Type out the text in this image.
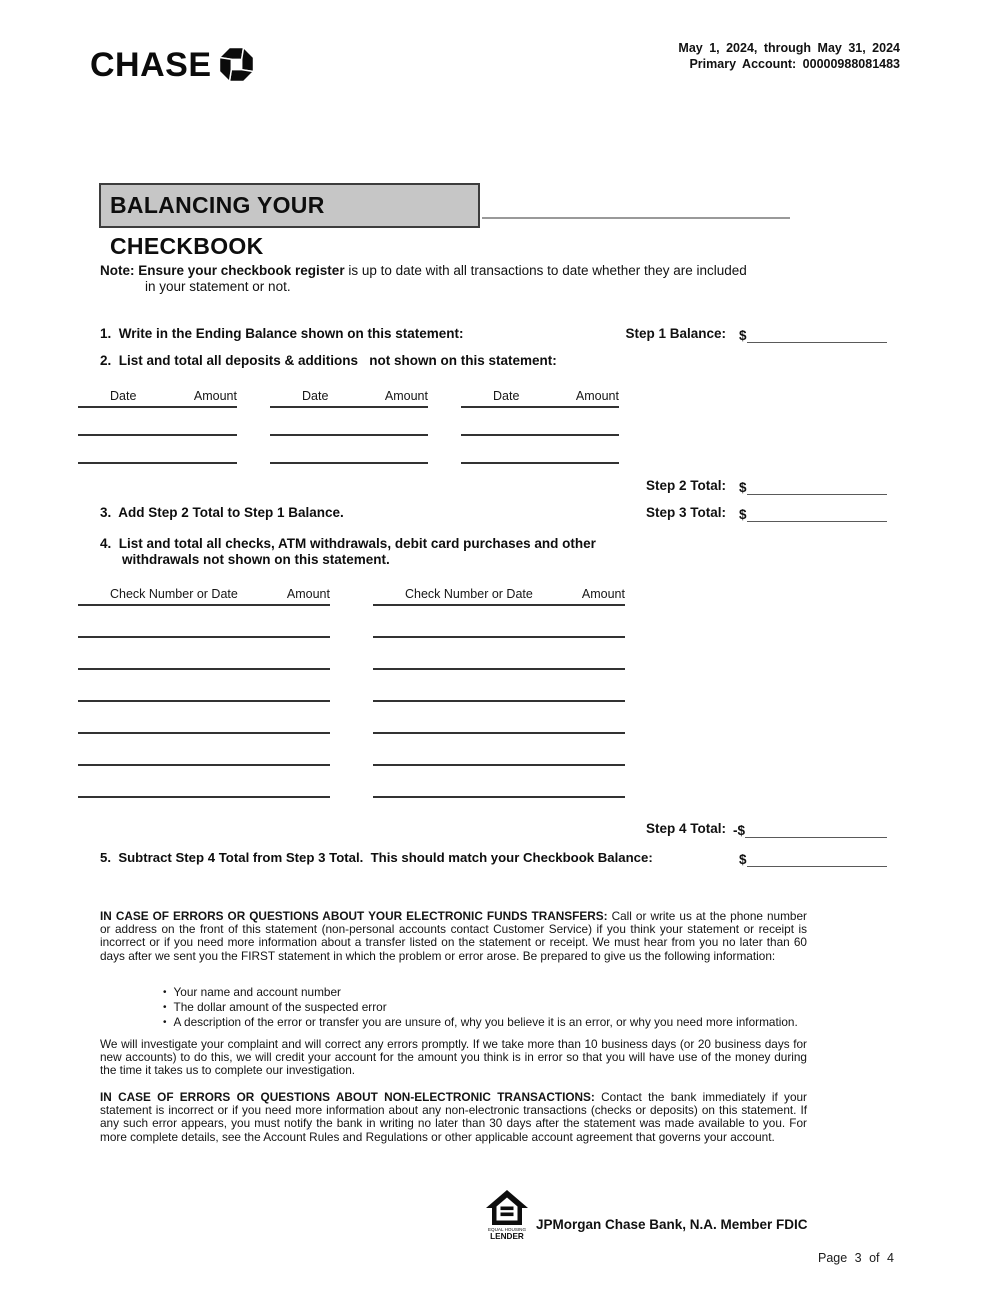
CHASE	May 1, 2024, through May 31, 2024
Primary Account: 00000988081483
BALANCING YOUR CHECKBOOK
Note: Ensure your checkbook register is up to date with all transactions to date whether they are included
in your statement or not.
1.  Write in the Ending Balance shown on this statement:	Step 1 Balance: $
2.  List and total all deposits & additions   not shown on this statement:
Date	Amount	Date	Amount	Date	Amount
Step 2 Total: $
3.  Add Step 2 Total to Step 1 Balance.	Step 3 Total: $
4.  List and total all checks, ATM withdrawals, debit card purchases and other
withdrawals not shown on this statement.
Check Number or Date	Amount	Check Number or Date	Amount
Step 4 Total: -$
5.  Subtract Step 4 Total from Step 3 Total.  This should match your Checkbook Balance:	$
IN CASE OF ERRORS OR QUESTIONS ABOUT YOUR ELECTRONIC FUNDS TRANSFERS: Call or write us at the phone number or address on the front of this statement (non-personal accounts contact Customer Service) if you think your statement or receipt is incorrect or if you need more information about a transfer listed on the statement or receipt. We must hear from you no later than 60 days after we sent you the FIRST statement in which the problem or error arose. Be prepared to give us the following information:
• Your name and account number
• The dollar amount of the suspected error
• A description of the error or transfer you are unsure of, why you believe it is an error, or why you need more information.
We will investigate your complaint and will correct any errors promptly. If we take more than 10 business days (or 20 business days for new accounts) to do this, we will credit your account for the amount you think is in error so that you will have use of the money during the time it takes us to complete our investigation.
IN CASE OF ERRORS OR QUESTIONS ABOUT NON-ELECTRONIC TRANSACTIONS: Contact the bank immediately if your statement is incorrect or if you need more information about any non-electronic transactions (checks or deposits) on this statement. If any such error appears, you must notify the bank in writing no later than 30 days after the statement was made available to you. For more complete details, see the Account Rules and Regulations or other applicable account agreement that governs your account.
EQUAL HOUSING
LENDER
JPMorgan Chase Bank, N.A. Member FDIC
Page 3 of 4
